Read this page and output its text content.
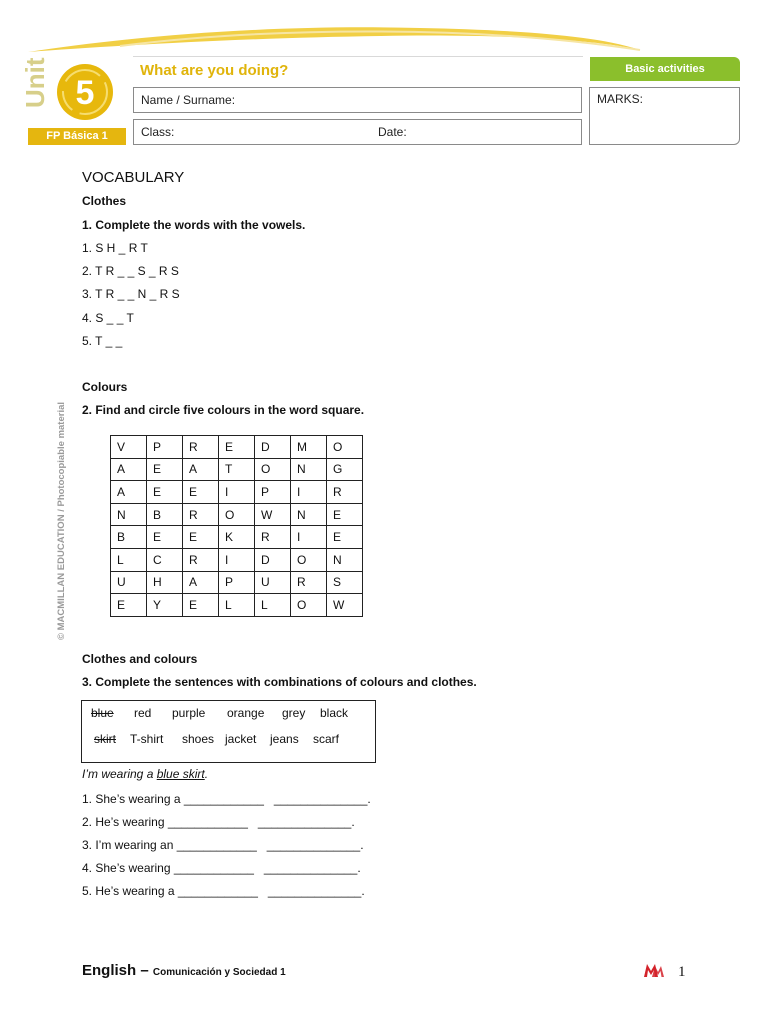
Unit 5
FP Básica 1
What are you doing?	Basic activities
Name / Surname:
Class:	Date:
MARKS:
© MACMILLAN EDUCATION / Photocopiable material
VOCABULARY
Clothes
1. Complete the words with the vowels.
1. S H _ R T
2. T R _ _ S _ R S
3. T R _ _ N _ R S
4. S _ _ T
5. T _ _
Colours
2. Find and circle five colours in the word square.
V	P	R	E	D	M	O
A	E	A	T	O	N	G
A	E	E	I	P	I	R
N	B	R	O	W	N	E
B	E	E	K	R	I	E
L	C	R	I	D	O	N
U	H	A	P	U	R	S
E	Y	E	L	L	O	W
Clothes and colours
3. Complete the sentences with combinations of colours and clothes.
blue red purple orange grey black
skirt T-shirt shoes jacket jeans scarf
I’m wearing a blue skirt.
1. She’s wearing a ____________   ______________.
2. He’s wearing ____________   ______________.
3. I’m wearing an ____________   ______________.
4. She’s wearing ____________   ______________.
5. He’s wearing a ____________   ______________.
English – Comunicación y Sociedad 1	1
